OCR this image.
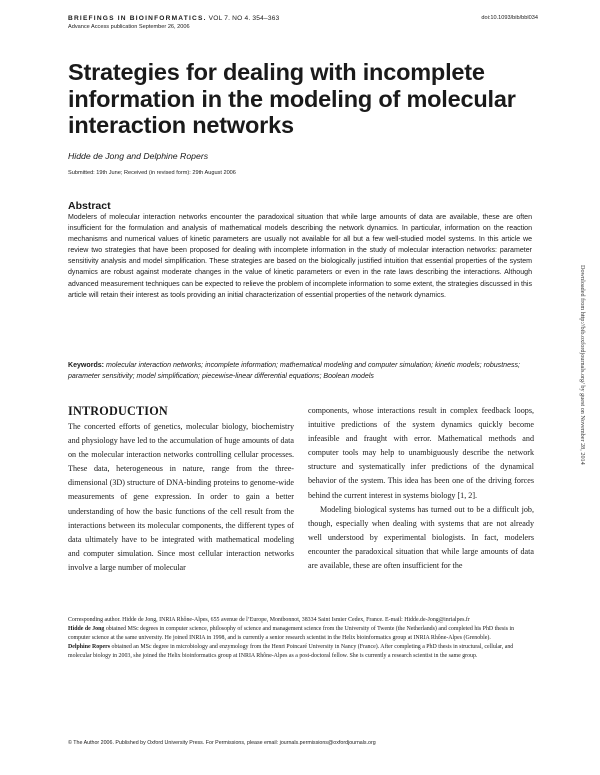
BRIEFINGS IN BIOINFORMATICS. VOL 7. NO 4. 354–363
Advance Access publication September 26, 2006
doi:10.1093/bib/bbl034
Strategies for dealing with incomplete information in the modeling of molecular interaction networks
Hidde de Jong and Delphine Ropers
Submitted: 19th June; Received (in revised form): 29th August 2006
Abstract
Modelers of molecular interaction networks encounter the paradoxical situation that while large amounts of data are available, these are often insufficient for the formulation and analysis of mathematical models describing the network dynamics. In particular, information on the reaction mechanisms and numerical values of kinetic parameters are usually not available for all but a few well-studied model systems. In this article we review two strategies that have been proposed for dealing with incomplete information in the study of molecular interaction networks: parameter sensitivity analysis and model simplification. These strategies are based on the biologically justified intuition that essential properties of the system dynamics are robust against moderate changes in the value of kinetic parameters or even in the rate laws describing the interactions. Although advanced measurement techniques can be expected to relieve the problem of incomplete information to some extent, the strategies discussed in this article will retain their interest as tools providing an initial characterization of essential properties of the network dynamics.
Keywords: molecular interaction networks; incomplete information; mathematical modeling and computer simulation; kinetic models; robustness; parameter sensitivity; model simplification; piecewise-linear differential equations; Boolean models	Downloaded from http://bib.oxfordjournals.org/ by guest on November 28, 2014
INTRODUCTION
The concerted efforts of genetics, molecular biology, biochemistry and physiology have led to the accumulation of huge amounts of data on the molecular interaction networks controlling cellular processes. These data, heterogeneous in nature, range from the three-dimensional (3D) structure of DNA-binding proteins to genome-wide measurements of gene expression. In order to gain a better understanding of how the basic functions of the cell result from the interactions between its molecular components, the different types of data ultimately have to be integrated with mathematical modeling and computer simulation. Since most cellular interaction networks involve a large number of molecular
components, whose interactions result in complex feedback loops, intuitive predictions of the system dynamics quickly become infeasible and fraught with error. Mathematical methods and computer tools may help to unambiguously describe the network structure and systematically infer predictions of the dynamical behavior of the system. This idea has been one of the driving forces behind the current interest in systems biology [1, 2].
Modeling biological systems has turned out to be a difficult job, though, especially when dealing with systems that are not already well understood by experimental biologists. In fact, modelers encounter the paradoxical situation that while large amounts of data are available, these are often insufficient for the

Corresponding author. Hidde de Jong, INRIA Rhône-Alpes, 655 avenue de l’Europe, Montbonnot, 38334 Saint Ismier Cedex, France. E-mail: Hidde.de-Jong@inrialpes.fr

Hidde de Jong obtained MSc degrees in computer science, philosophy of science and management science from the University of Twente (the Netherlands) and completed his PhD thesis in computer science at the same university. He joined INRIA in 1998, and is currently a senior research scientist in the Helix bioinformatics group at INRIA Rhône-Alpes (Grenoble).

Delphine Ropers obtained an MSc degree in microbiology and enzymology from the Henri Poincaré University in Nancy (France). After completing a PhD thesis in structural, cellular, and molecular biology in 2003, she joined the Helix bioinformatics group at INRIA Rhône-Alpes as a post-doctoral fellow. She is currently a research scientist in the same group.

© The Author 2006. Published by Oxford University Press. For Permissions, please email: journals.permissions@oxfordjournals.org
